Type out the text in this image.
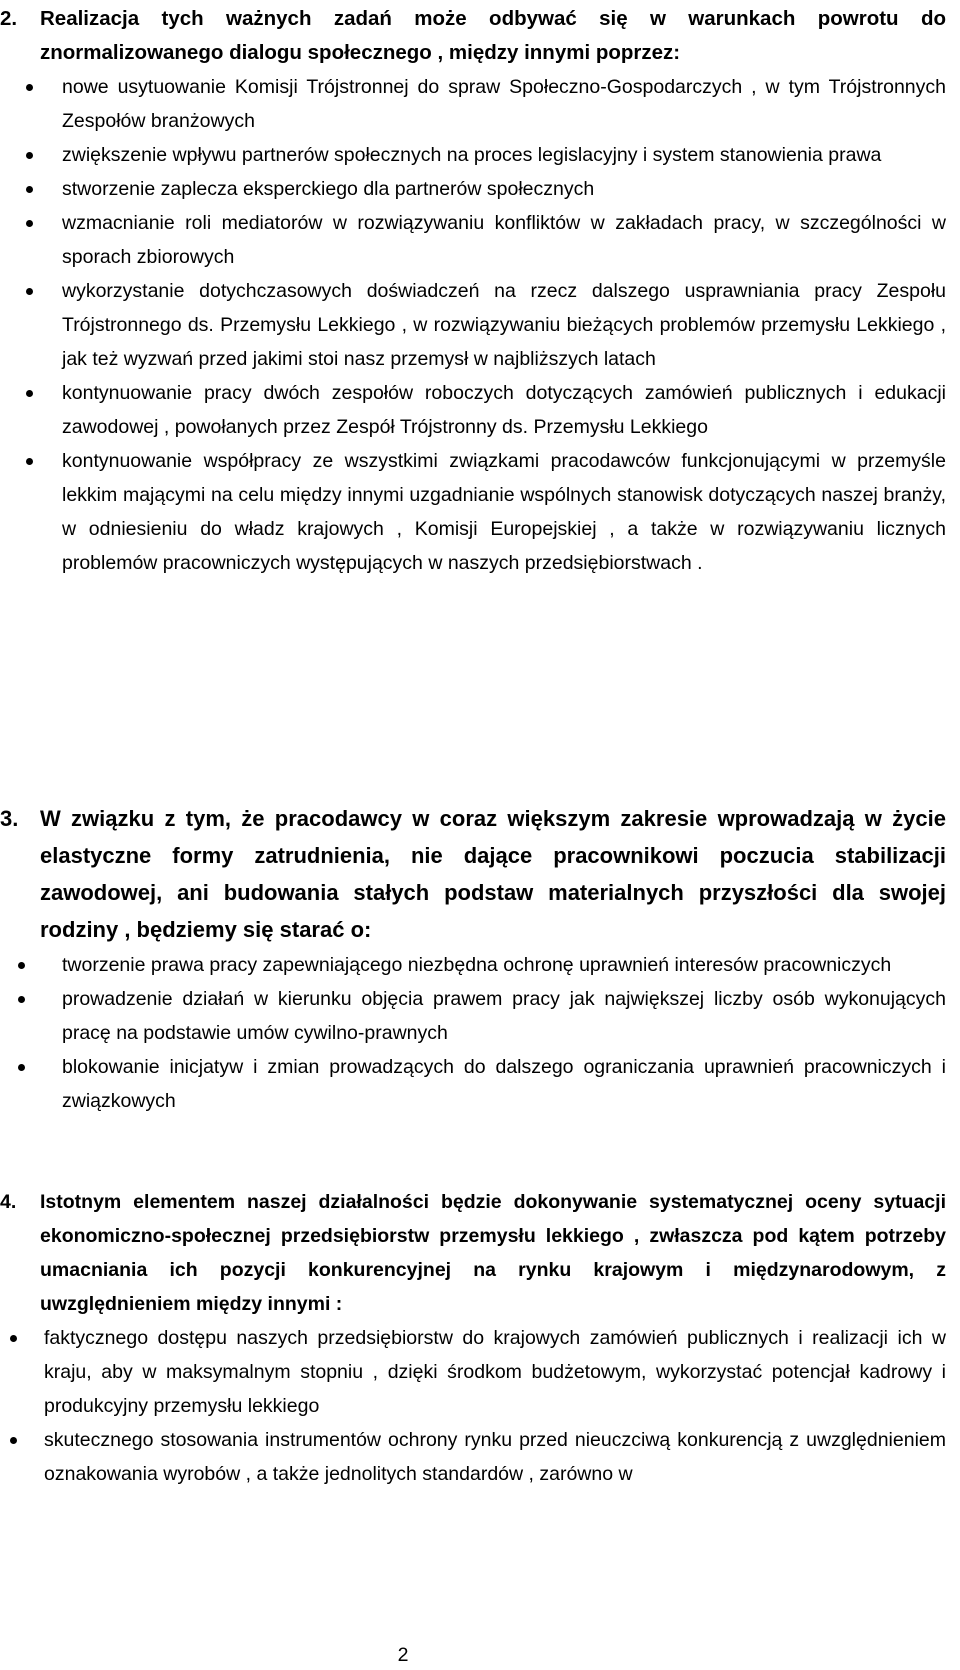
2. Realizacja tych ważnych zadań może odbywać się w warunkach powrotu do znormalizowanego dialogu społecznego , między innymi poprzez:
nowe usytuowanie Komisji Trójstronnej do spraw Społeczno-Gospodarczych , w tym Trójstronnych Zespołów branżowych
zwiększenie wpływu partnerów społecznych na proces legislacyjny i system stanowienia prawa
stworzenie zaplecza eksperckiego dla partnerów społecznych
wzmacnianie roli mediatorów w rozwiązywaniu konfliktów w zakładach pracy, w szczególności w sporach zbiorowych
wykorzystanie dotychczasowych doświadczeń na rzecz dalszego usprawniania pracy Zespołu Trójstronnego ds. Przemysłu Lekkiego , w rozwiązywaniu bieżących problemów przemysłu Lekkiego , jak też wyzwań przed jakimi stoi nasz przemysł w najbliższych latach
kontynuowanie pracy dwóch zespołów roboczych dotyczących zamówień publicznych i edukacji zawodowej , powołanych przez Zespół Trójstronny ds. Przemysłu Lekkiego
kontynuowanie współpracy ze wszystkimi związkami pracodawców funkcjonującymi w przemyśle lekkim mającymi na celu między innymi uzgadnianie wspólnych stanowisk dotyczących naszej branży, w odniesieniu do władz krajowych , Komisji Europejskiej , a także w rozwiązywaniu licznych problemów pracowniczych występujących w naszych przedsiębiorstwach .
3. W związku z tym, że pracodawcy w coraz większym zakresie wprowadzają w życie elastyczne formy zatrudnienia, nie dające pracownikowi poczucia stabilizacji zawodowej, ani budowania stałych podstaw materialnych przyszłości dla swojej rodziny , będziemy się starać o:
tworzenie prawa pracy zapewniającego niezbędna ochronę uprawnień interesów pracowniczych
prowadzenie działań w kierunku objęcia prawem pracy jak największej liczby osób wykonujących pracę na podstawie umów cywilno-prawnych
blokowanie inicjatyw i zmian prowadzących do dalszego ograniczania uprawnień pracowniczych i związkowych
4. Istotnym elementem naszej działalności będzie dokonywanie systematycznej oceny sytuacji ekonomiczno-społecznej przedsiębiorstw przemysłu lekkiego , zwłaszcza pod kątem potrzeby umacniania ich pozycji konkurencyjnej na rynku krajowym i międzynarodowym, z uwzględnieniem między innymi :
faktycznego dostępu naszych przedsiębiorstw do krajowych zamówień publicznych i realizacji ich w kraju, aby w maksymalnym stopniu , dzięki środkom budżetowym, wykorzystać potencjał kadrowy i produkcyjny przemysłu lekkiego
skutecznego stosowania instrumentów ochrony rynku przed nieuczciwą konkurencją z uwzględnieniem oznakowania wyrobów , a także jednolitych standardów , zarówno w
2
